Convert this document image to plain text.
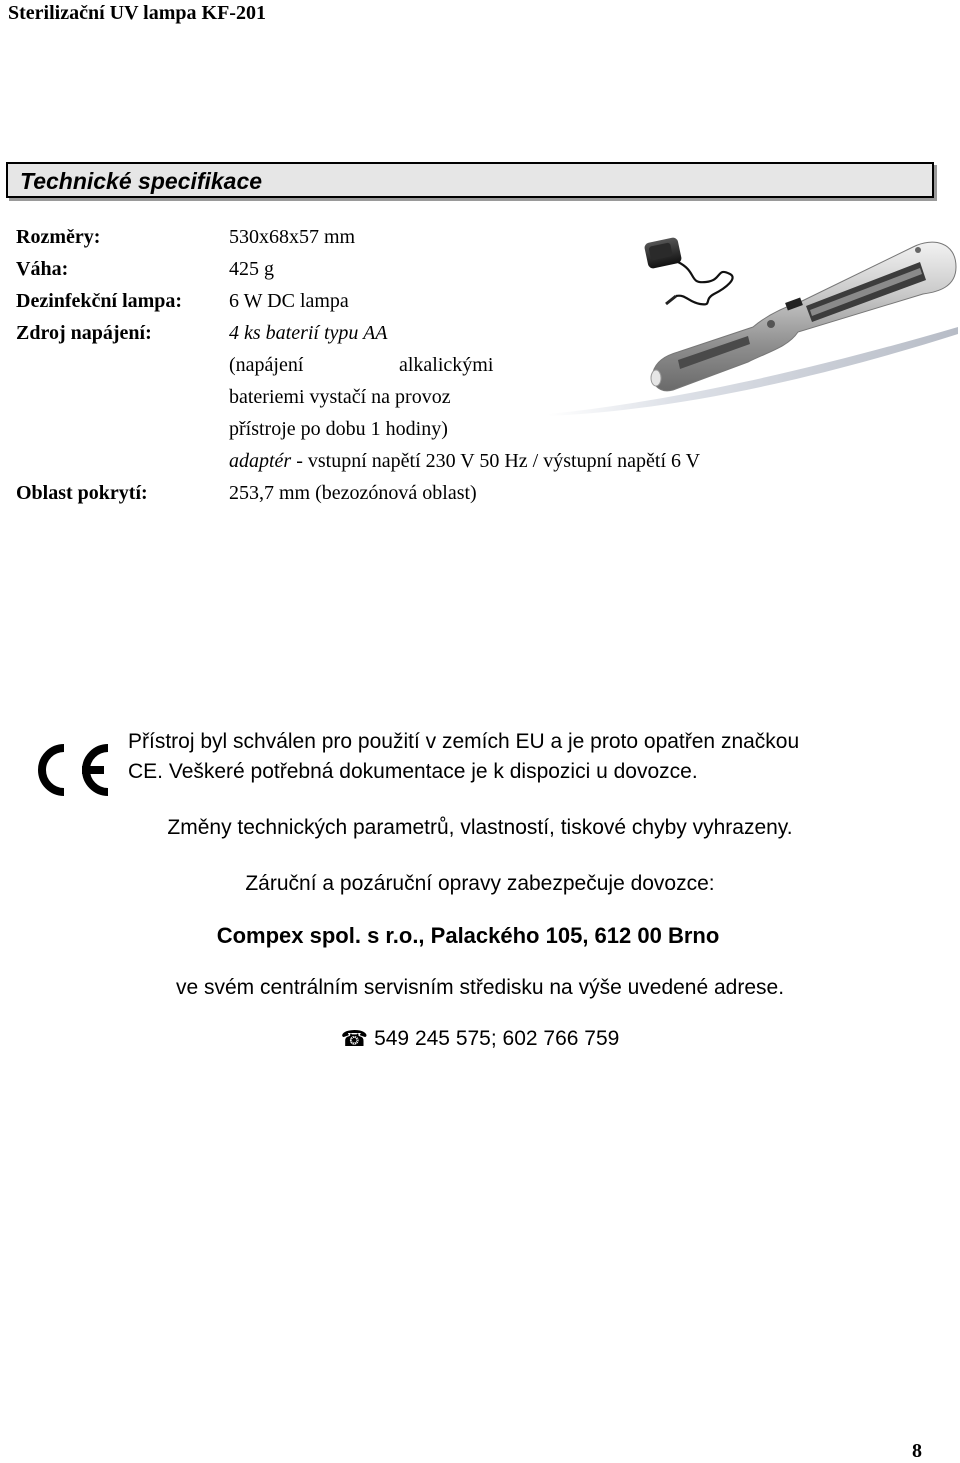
Sterilizační UV lampa KF-201
Technické specifikace
Rozměry:	530x68x57 mm
Váha:	425 g
Dezinfekční lampa: 6 W DC lampa
Zdroj napájení:	4 ks baterií typu AA
(napájení	alkalickými
bateriemi vystačí na provoz
přístroje po dobu 1 hodiny)
adaptér - vstupní napětí 230 V 50 Hz / výstupní napětí 6 V
Oblast pokrytí:	253,7 mm (bezozónová oblast)
Přístroj byl schválen pro použití v zemích EU a je proto opatřen značkou
CE. Veškeré potřebná dokumentace je k dispozici u dovozce.
Změny technických parametrů, vlastností, tiskové chyby vyhrazeny.
Záruční a pozáruční opravy zabezpečuje dovozce:
Compex spol. s r.o., Palackého 105, 612 00 Brno
ve svém centrálním servisním středisku na výše uvedené adrese.
☎ 549 245 575; 602 766 759
8
